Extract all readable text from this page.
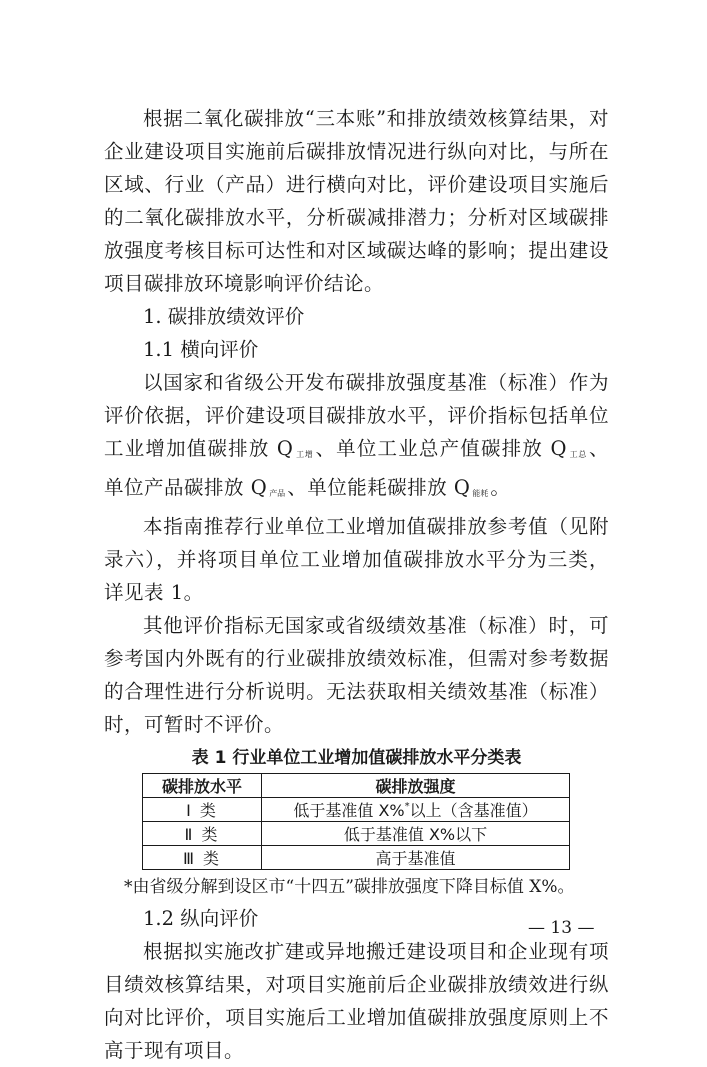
根据二氧化碳排放“三本账”和排放绩效核算结果，对企业建设项目实施前后碳排放情况进行纵向对比，与所在区域、行业（产品）进行横向对比，评价建设项目实施后的二氧化碳排放水平，分析碳减排潜力；分析对区域碳排放强度考核目标可达性和对区域碳达峰的影响；提出建设项目碳排放环境影响评价结论。

1. 碳排放绩效评价

1.1 横向评价

以国家和省级公开发布碳排放强度基准（标准）作为评价依据，评价建设项目碳排放水平，评价指标包括单位工业增加值碳排放 Q $_{工增}$ 、单位工业总产值碳排放 Q $_{工总}$ 、单位产品碳排放 Q $_{产品}$ 、单位能耗碳排放 Q $_{能耗}$ 。

本指南推荐行业单位工业增加值碳排放参考值（见附录六），并将项目单位工业增加值碳排放水平分为三类，详见表 1。

其他评价指标无国家或省级绩效基准（标准）时，可参考国内外既有的行业碳排放绩效标准，但需对参考数据的合理性进行分析说明。无法获取相关绩效基准（标准）时，可暂时不评价。

表 1 行业单位工业增加值碳排放水平分类表
碳排放水平	碳排放强度
Ⅰ 类	低于基准值 X%*以上（含基准值）
Ⅱ 类	低于基准值 X%以下
Ⅲ 类	高于基准值

*由省级分解到设区市“十四五”碳排放强度下降目标值 X%。

1.2 纵向评价

根据拟实施改扩建或异地搬迁建设项目和企业现有项目绩效核算结果，对项目实施前后企业碳排放绩效进行纵向对比评价，项目实施后工业增加值碳排放强度原则上不高于现有项目。

— 13 —
